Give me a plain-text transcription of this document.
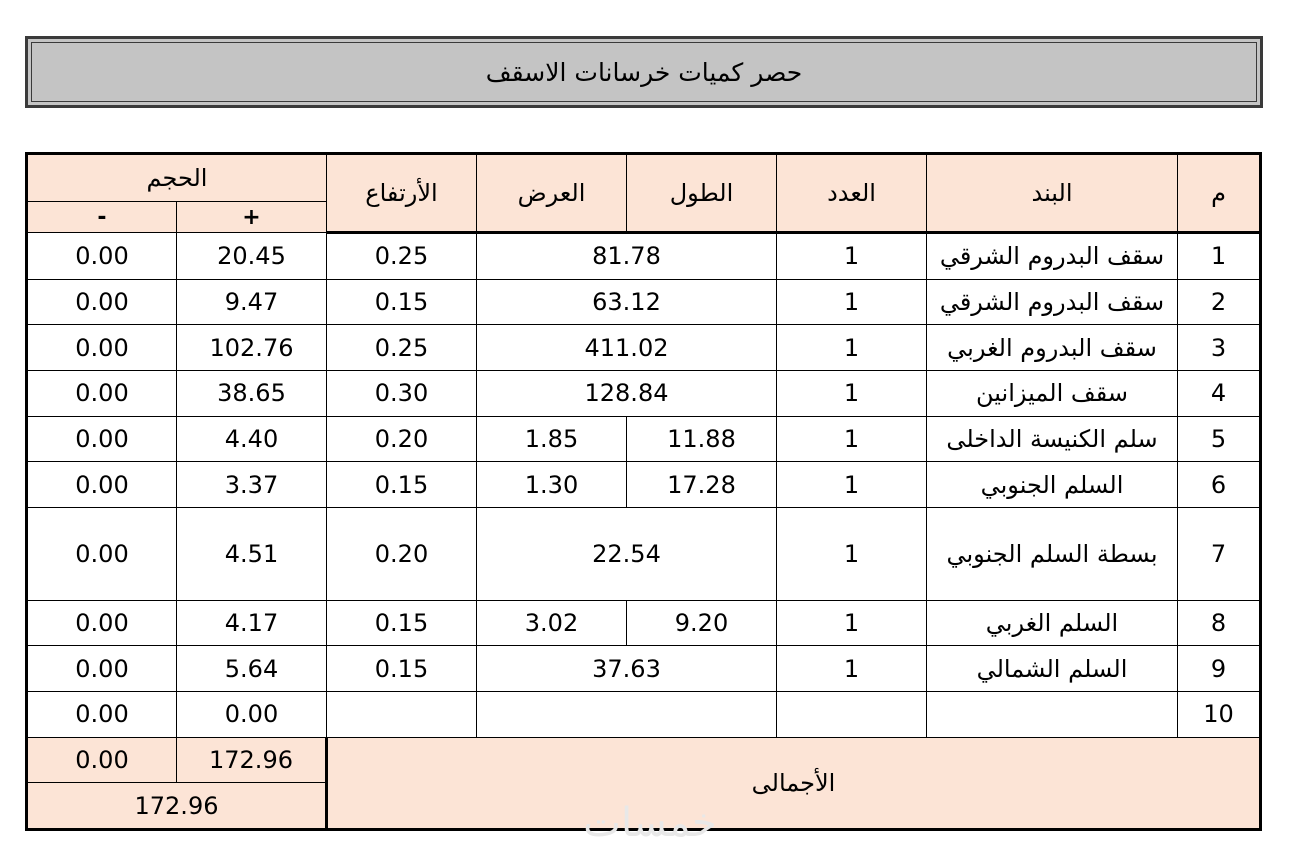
حصر كميات خرسانات الاسقف
الحجم		الأرتفاع	العرض	الطول	العدد	البند	م
-	+						
0.00	20.45	0.25	81.78		1	سقف البدروم الشرقي	1
0.00	9.47	0.15	63.12		1	سقف البدروم الشرقي	2
0.00	102.76	0.25	411.02		1	سقف البدروم الغربي	3
0.00	38.65	0.30	128.84		1	سقف الميزانين	4
0.00	4.40	0.20	1.85	11.88	1	سلم الكنيسة الداخلى	5
0.00	3.37	0.15	1.30	17.28	1	السلم الجنوبي	6
0.00	4.51	0.20	22.54		1	بسطة السلم الجنوبي	7
0.00	4.17	0.15	3.02	9.20	1	السلم الغربي	8
0.00	5.64	0.15	37.63		1	السلم الشمالي	9
0.00	0.00						10
0.00	172.96	الأجمالى					
172.96								خمسات
